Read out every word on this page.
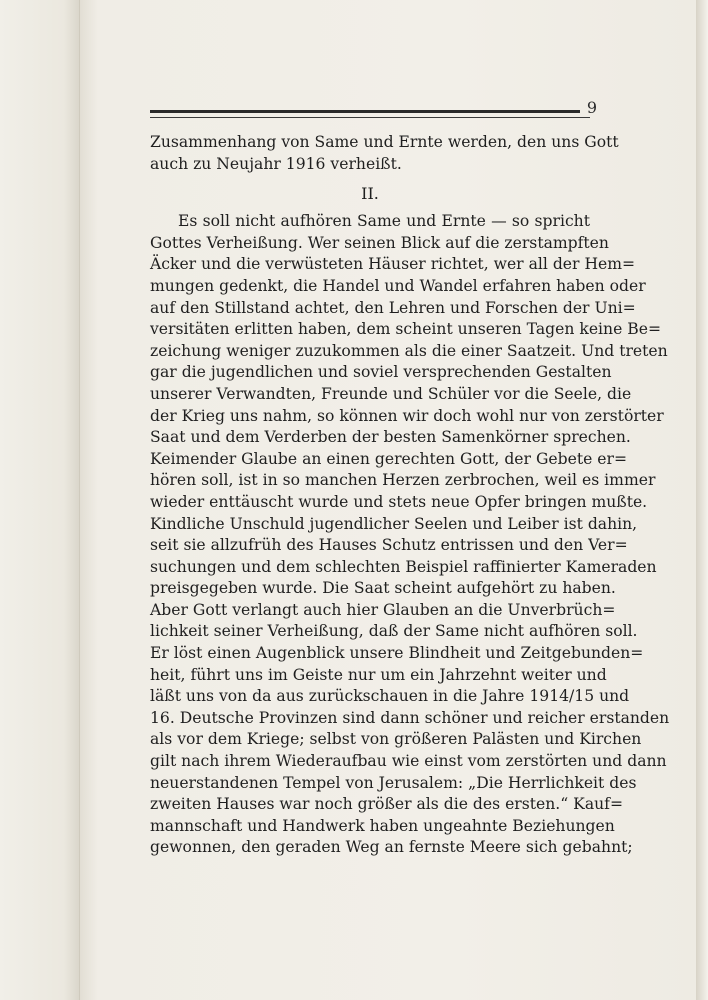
9
Zusammenhang von Same und Ernte werden, den uns Gott
auch zu Neujahr 1916 verheißt.
II.
Es soll nicht aufhören Same und Ernte — so spricht
Gottes Verheißung. Wer seinen Blick auf die zerstampften
Äcker und die verwüsteten Häuser richtet, wer all der Hem=
mungen gedenkt, die Handel und Wandel erfahren haben oder
auf den Stillstand achtet, den Lehren und Forschen der Uni=
versitäten erlitten haben, dem scheint unseren Tagen keine Be=
zeichung weniger zuzukommen als die einer Saatzeit. Und treten
gar die jugendlichen und soviel versprechenden Gestalten
unserer Verwandten, Freunde und Schüler vor die Seele, die
der Krieg uns nahm, so können wir doch wohl nur von zerstörter
Saat und dem Verderben der besten Samenkörner sprechen.
Keimender Glaube an einen gerechten Gott, der Gebete er=
hören soll, ist in so manchen Herzen zerbrochen, weil es immer
wieder enttäuscht wurde und stets neue Opfer bringen mußte.
Kindliche Unschuld jugendlicher Seelen und Leiber ist dahin,
seit sie allzufrüh des Hauses Schutz entrissen und den Ver=
suchungen und dem schlechten Beispiel raffinierter Kameraden
preisgegeben wurde. Die Saat scheint aufgehört zu haben.
Aber Gott verlangt auch hier Glauben an die Unverbrüch=
lichkeit seiner Verheißung, daß der Same nicht aufhören soll.
Er löst einen Augenblick unsere Blindheit und Zeitgebunden=
heit, führt uns im Geiste nur um ein Jahrzehnt weiter und
läßt uns von da aus zurückschauen in die Jahre 1914/15 und
16. Deutsche Provinzen sind dann schöner und reicher erstanden
als vor dem Kriege; selbst von größeren Palästen und Kirchen
gilt nach ihrem Wiederaufbau wie einst vom zerstörten und dann
neuerstandenen Tempel von Jerusalem: „Die Herrlichkeit des
zweiten Hauses war noch größer als die des ersten.“ Kauf=
mannschaft und Handwerk haben ungeahnte Beziehungen
gewonnen, den geraden Weg an fernste Meere sich gebahnt;
